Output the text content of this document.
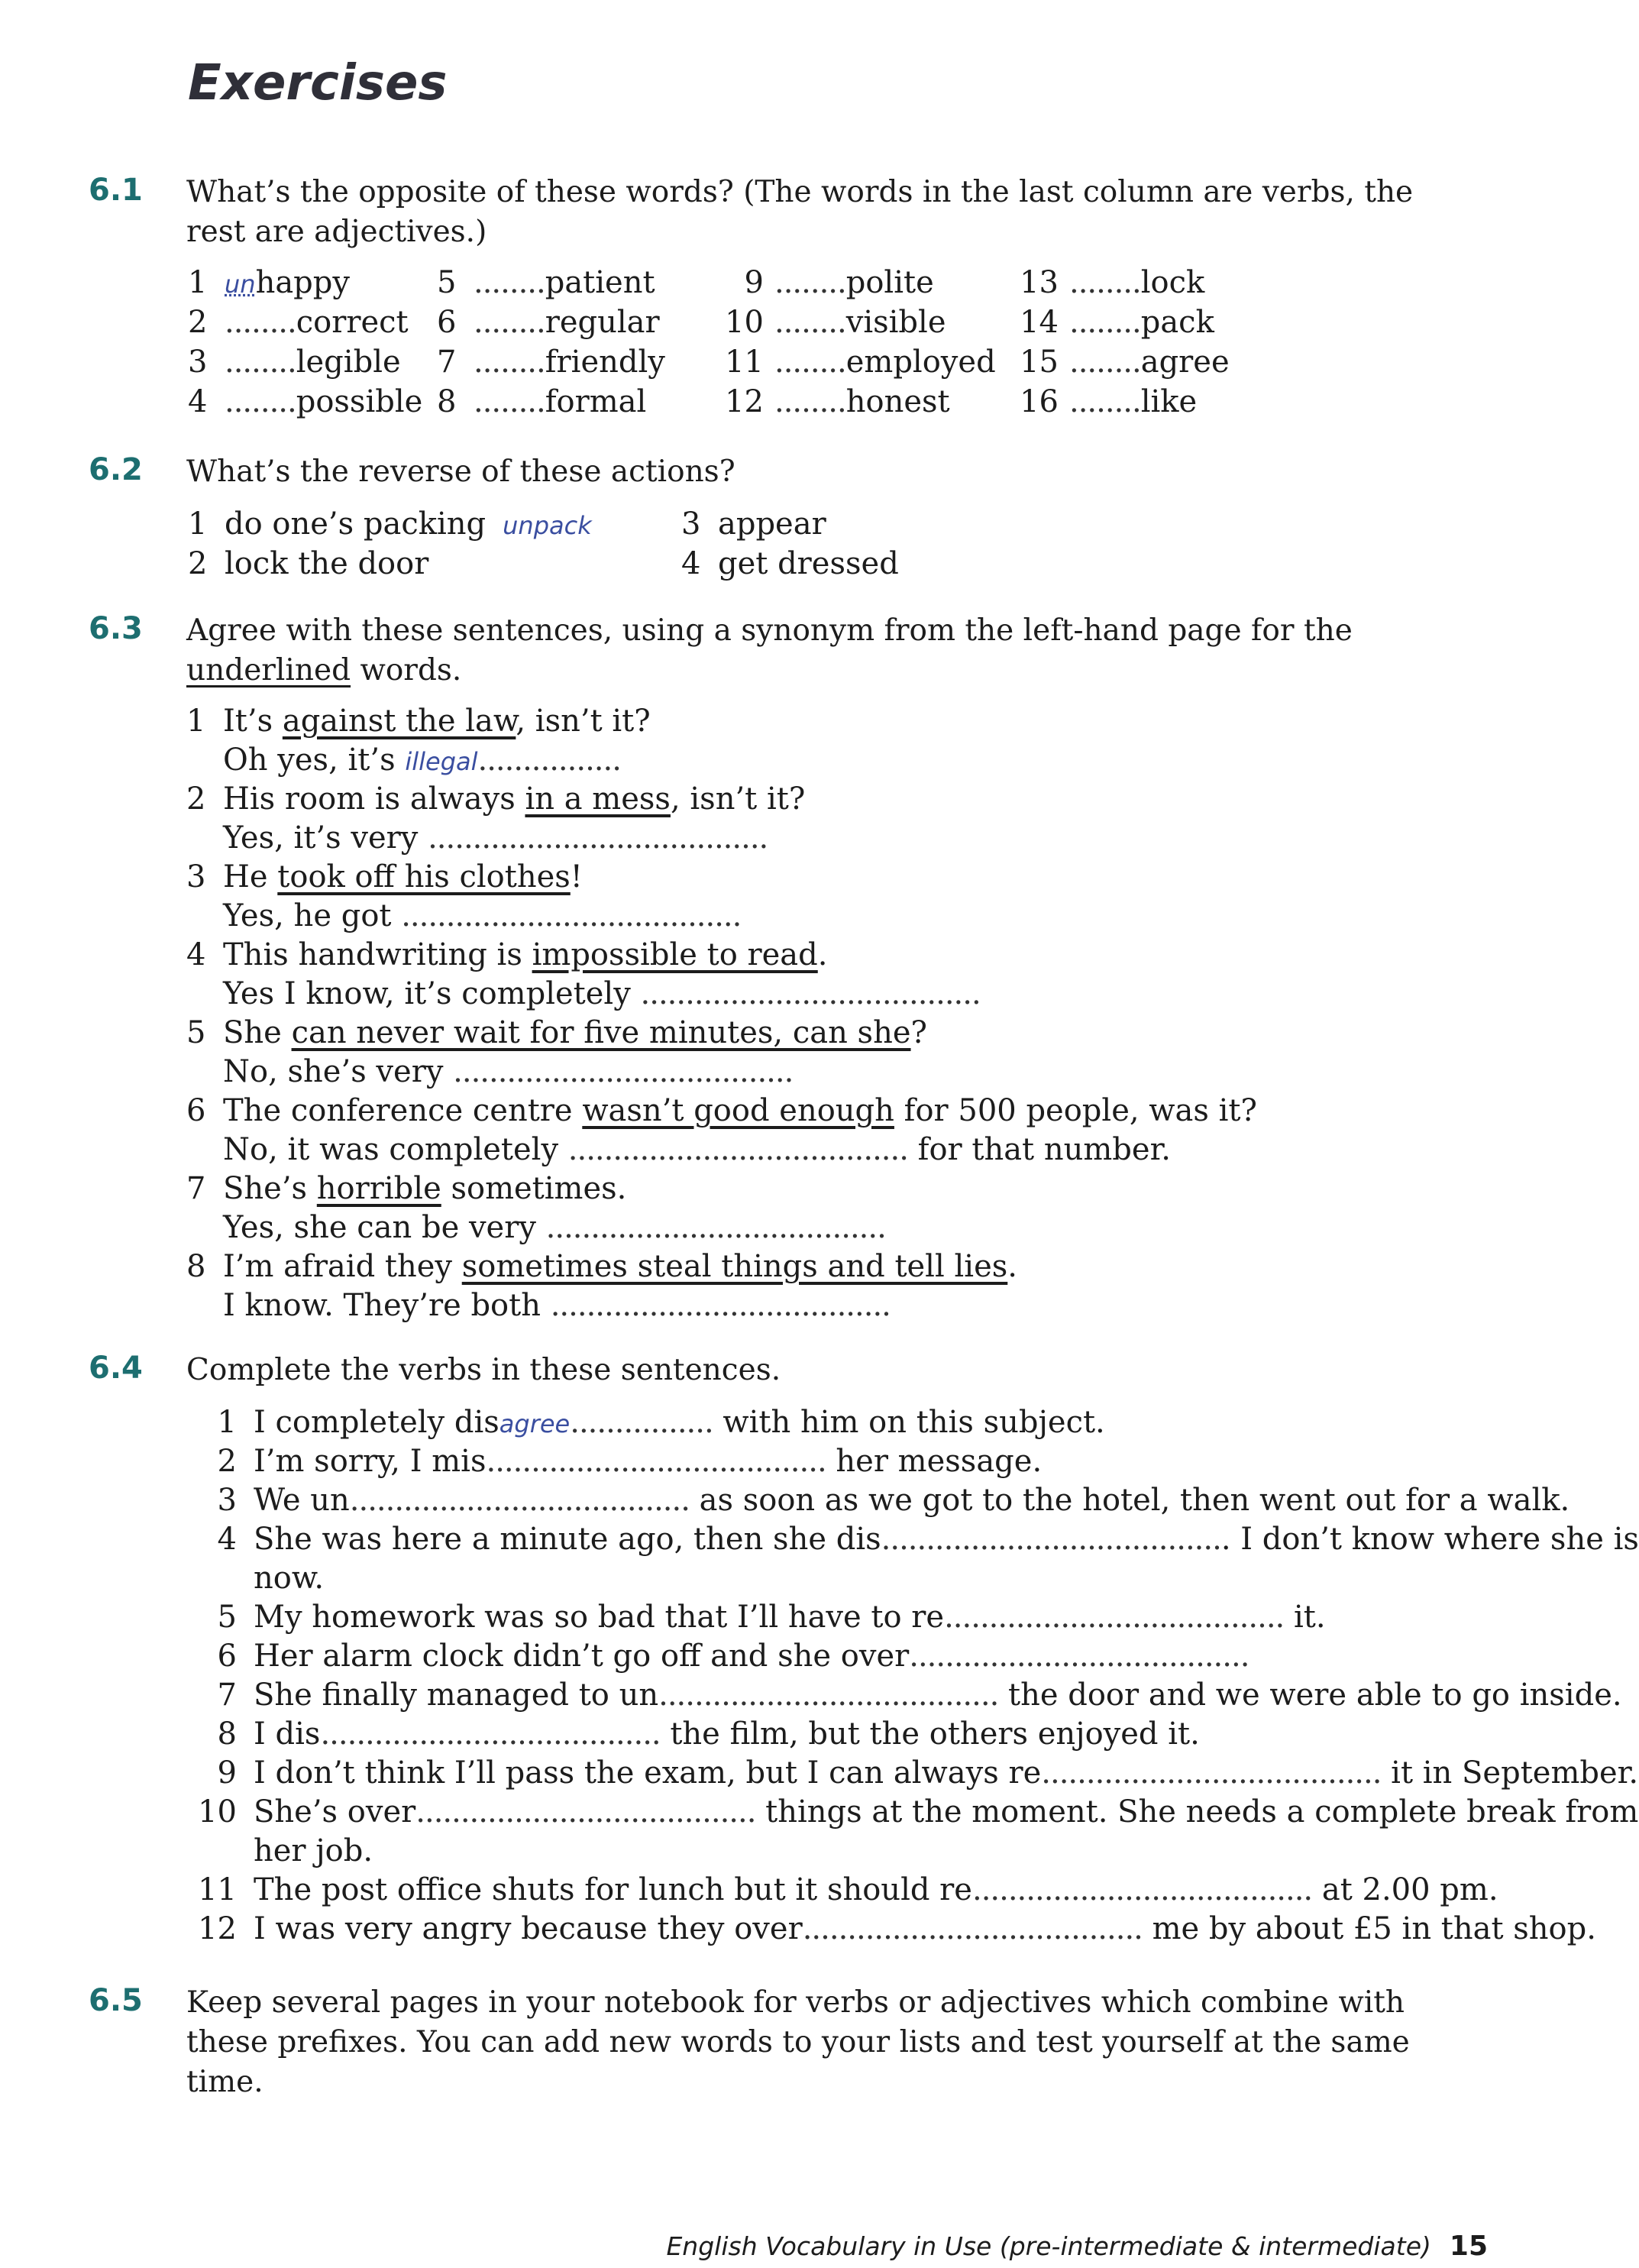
Exercises
6.1 What’s the opposite of these words? (The words in the last column are verbs, the rest are adjectives.)
1 unhappy
2 ........correct
3 ........legible
4 ........possible
5 ........patient
6 ........regular
7 ........friendly
8 ........formal
9 ........polite
10 ........visible
11 ........employed
12 ........honest
13 ........lock
14 ........pack
15 ........agree
16 ........like
6.2 What’s the reverse of these actions?
1 do one’s packing unpack
2 lock the door
3 appear
4 get dressed
6.3 Agree with these sentences, using a synonym from the left-hand page for the underlined words.
1 It’s against the law, isn’t it?
Oh yes, it’s illegal................
2 His room is always in a mess, isn’t it?
Yes, it’s very ......................................
3 He took off his clothes!
Yes, he got ......................................
4 This handwriting is impossible to read.
Yes I know, it’s completely ......................................
5 She can never wait for five minutes, can she?
No, she’s very ......................................
6 The conference centre wasn’t good enough for 500 people, was it?
No, it was completely ...................................... for that number.
7 She’s horrible sometimes.
Yes, she can be very ......................................
8 I’m afraid they sometimes steal things and tell lies.
I know. They’re both ......................................
6.4 Complete the verbs in these sentences.
1 I completely disagree................ with him on this subject.
2 I’m sorry, I mis...................................... her message.
3 We un...................................... as soon as we got to the hotel, then went out for a walk.
4 She was here a minute ago, then she dis....................................... I don’t know where she is
now.
5 My homework was so bad that I’ll have to re...................................... it.
6 Her alarm clock didn’t go off and she over......................................
7 She finally managed to un...................................... the door and we were able to go inside.
8 I dis...................................... the film, but the others enjoyed it.
9 I don’t think I’ll pass the exam, but I can always re...................................... it in September.
10 She’s over...................................... things at the moment. She needs a complete break from
her job.
11 The post office shuts for lunch but it should re...................................... at 2.00 pm.
12 I was very angry because they over...................................... me by about £5 in that shop.
6.5 Keep several pages in your notebook for verbs or adjectives which combine with these prefixes. You can add new words to your lists and test yourself at the same time.
English Vocabulary in Use (pre-intermediate & intermediate) 15
